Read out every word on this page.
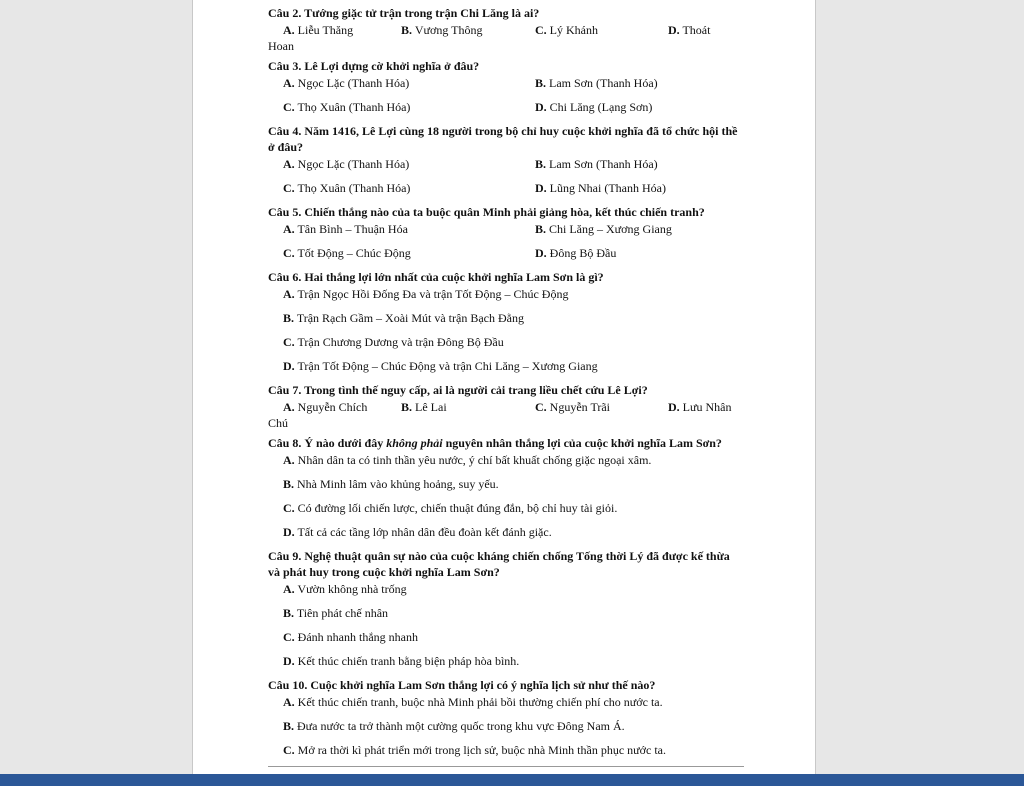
Câu 2. Tướng giặc tử trận trong trận Chi Lăng là ai?
A. Liễu Thăng	B. Vương Thông	C. Lý Khánh	D. Thoát
Hoan
Câu 3. Lê Lợi dựng cờ khởi nghĩa ở đâu?
A. Ngọc Lặc (Thanh Hóa)	B. Lam Sơn (Thanh Hóa)
C. Thọ Xuân (Thanh Hóa)	D. Chi Lăng (Lạng Sơn)
Câu 4. Năm 1416, Lê Lợi cùng 18 người trong bộ chỉ huy cuộc khởi nghĩa đã tổ chức hội thề ở đâu?
A. Ngọc Lặc (Thanh Hóa)	B. Lam Sơn (Thanh Hóa)
C. Thọ Xuân (Thanh Hóa)	D. Lũng Nhai (Thanh Hóa)
Câu 5. Chiến thắng nào của ta buộc quân Minh phải giảng hòa, kết thúc chiến tranh?
A. Tân Bình – Thuận Hóa	B. Chi Lăng – Xương Giang
C. Tốt Động – Chúc Động	D. Đông Bộ Đầu
Câu 6. Hai thắng lợi lớn nhất của cuộc khởi nghĩa Lam Sơn là gì?
A. Trận Ngọc Hồi Đống Đa và trận Tốt Động – Chúc Động
B. Trận Rạch Gầm – Xoài Mút và trận Bạch Đằng
C. Trận Chương Dương và trận Đông Bộ Đầu
D. Trận Tốt Động – Chúc Động và trận Chi Lăng – Xương Giang
Câu 7. Trong tình thế nguy cấp, ai là người cải trang liều chết cứu Lê Lợi?
A. Nguyễn Chích	B. Lê Lai	C. Nguyễn Trãi	D. Lưu Nhân
Chú
Câu 8. Ý nào dưới đây không phải nguyên nhân thắng lợi của cuộc khởi nghĩa Lam Sơn?
A. Nhân dân ta có tinh thần yêu nước, ý chí bất khuất chống giặc ngoại xâm.
B. Nhà Minh lâm vào khủng hoảng, suy yếu.
C. Có đường lối chiến lược, chiến thuật đúng đắn, bộ chỉ huy tài giỏi.
D. Tất cả các tầng lớp nhân dân đều đoàn kết đánh giặc.
Câu 9. Nghệ thuật quân sự nào của cuộc kháng chiến chống Tống thời Lý đã được kế thừa và phát huy trong cuộc khởi nghĩa Lam Sơn?
A. Vườn không nhà trống
B. Tiên phát chế nhân
C. Đánh nhanh thắng nhanh
D. Kết thúc chiến tranh bằng biện pháp hòa bình.
Câu 10. Cuộc khởi nghĩa Lam Sơn thắng lợi có ý nghĩa lịch sử như thế nào?
A. Kết thúc chiến tranh, buộc nhà Minh phải bồi thường chiến phí cho nước ta.
B. Đưa nước ta trở thành một cường quốc trong khu vực Đông Nam Á.
C. Mở ra thời kì phát triển mới trong lịch sử, buộc nhà Minh thần phục nước ta.
